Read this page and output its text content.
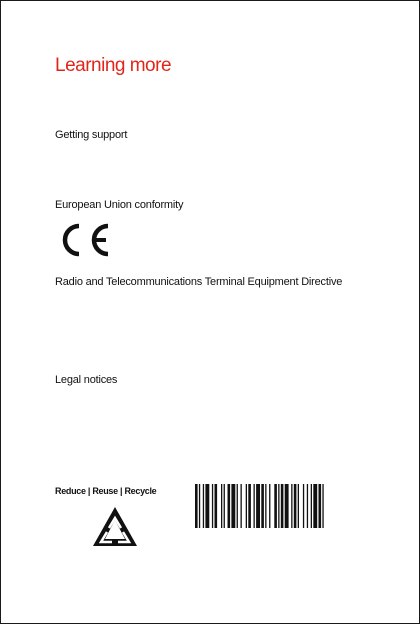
Learning more
Getting support
European Union conformity
Radio and Telecommunications Terminal Equipment Directive
Legal notices
Reduce | Reuse | Recycle
